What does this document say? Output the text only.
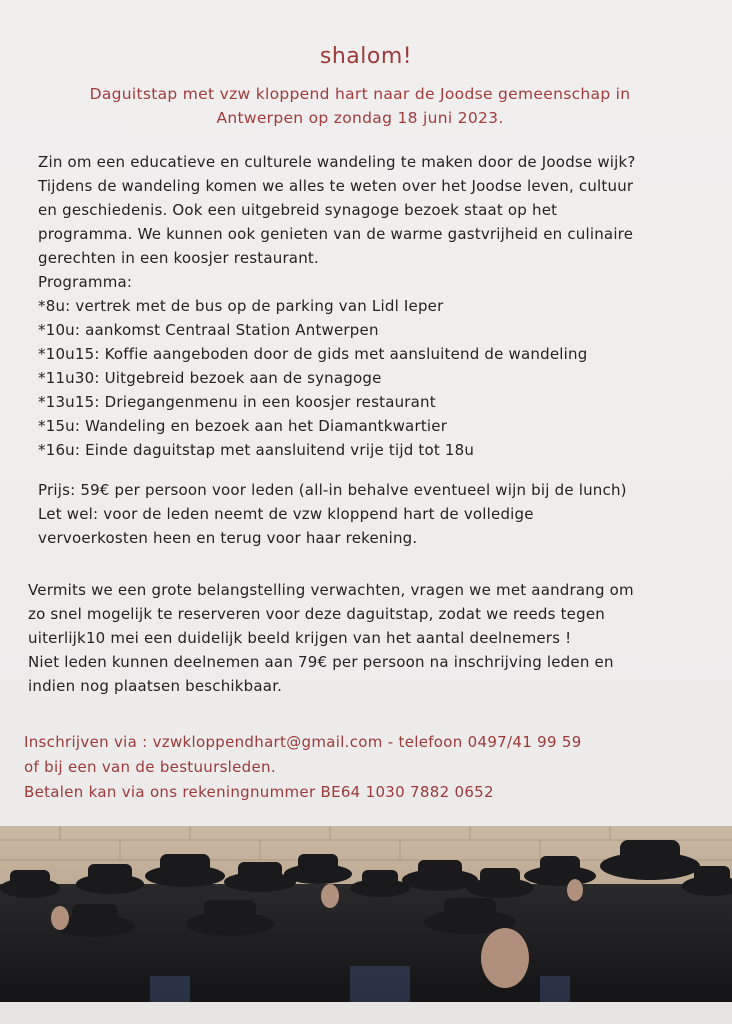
shalom!
Daguitstap met vzw kloppend hart naar de Joodse gemeenschap in
Antwerpen op zondag 18 juni 2023.

Zin om een educatieve en culturele wandeling te maken door de Joodse wijk?

Tijdens de wandeling komen we alles te weten over het Joodse leven, cultuur

en geschiedenis. Ook een uitgebreid synagoge bezoek staat op het

programma. We kunnen ook genieten van de warme gastvrijheid en culinaire

gerechten in een koosjer restaurant.

Programma:

*8u: vertrek met de bus op de parking van Lidl Ieper

*10u: aankomst Centraal Station Antwerpen

*10u15: Koffie aangeboden door de gids met aansluitend de wandeling

*11u30: Uitgebreid bezoek aan de synagoge

*13u15: Driegangenmenu in een koosjer restaurant

*15u: Wandeling en bezoek aan het Diamantkwartier

*16u: Einde daguitstap met aansluitend vrije tijd tot 18u

Prijs: 59€ per persoon voor leden (all-in behalve eventueel wijn bij de lunch)

Let wel: voor de leden neemt de vzw kloppend hart de volledige

vervoerkosten heen en terug voor haar rekening.

Vermits we een grote belangstelling verwachten, vragen we met aandrang om

zo snel mogelijk te reserveren voor deze daguitstap, zodat we reeds tegen

uiterlijk10 mei een duidelijk beeld krijgen van het aantal deelnemers !

Niet leden kunnen deelnemen aan 79€ per persoon na inschrijving leden en

indien nog plaatsen beschikbaar.

Inschrijven via : vzwkloppendhart@gmail.com - telefoon 0497/41 99 59

of bij een van de bestuursleden.

Betalen kan via ons rekeningnummer BE64 1030 7882 0652
